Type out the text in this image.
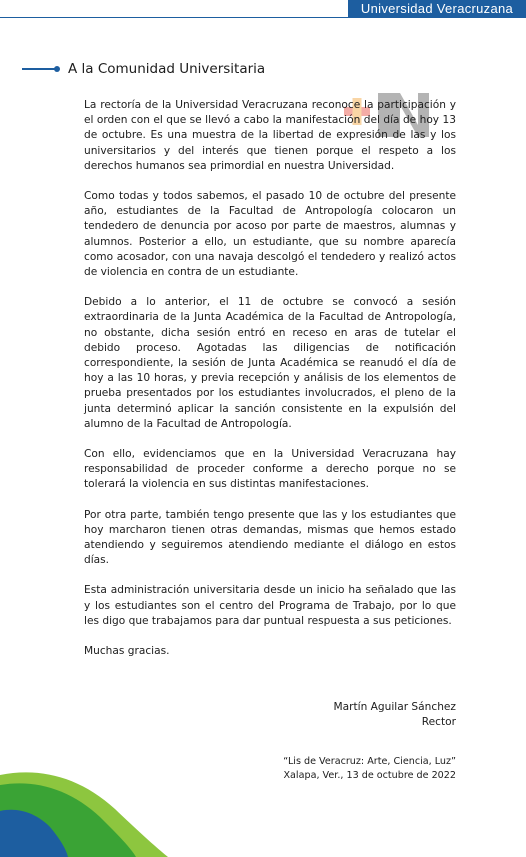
Universidad Veracruzana
A la Comunidad Universitaria

La rectoría de la Universidad Veracruzana reconoce la participación y el orden con el que se llevó a cabo la manifestación del día de hoy 13 de octubre. Es una muestra de la libertad de expresión de las y los universitarios y del interés que tienen porque el respeto a los derechos humanos sea primordial en nuestra Universidad.

Como todas y todos sabemos, el pasado 10 de octubre del presente año, estudiantes de la Facultad de Antropología colocaron un tendedero de denuncia por acoso por parte de maestros, alumnas y alumnos. Posterior a ello, un estudiante, que su nombre aparecía como acosador, con una navaja descolgó el tendedero y realizó actos de violencia en contra de un estudiante.

Debido a lo anterior, el 11 de octubre se convocó a sesión extraordinaria de la Junta Académica de la Facultad de Antropología, no obstante, dicha sesión entró en receso en aras de tutelar el debido proceso. Agotadas las diligencias de notificación correspondiente, la sesión de Junta Académica se reanudó el día de hoy a las 10 horas, y previa recepción y análisis de los elementos de prueba presentados por los estudiantes involucrados, el pleno de la junta determinó aplicar la sanción consistente en la expulsión del alumno de la Facultad de Antropología.

Con ello, evidenciamos que en la Universidad Veracruzana hay responsabilidad de proceder conforme a derecho porque no se tolerará la violencia en sus distintas manifestaciones.

Por otra parte, también tengo presente que las y los estudiantes que hoy marcharon tienen otras demandas, mismas que hemos estado atendiendo y seguiremos atendiendo mediante el diálogo en estos días.

Esta administración universitaria desde un inicio ha señalado que las y los estudiantes son el centro del Programa de Trabajo, por lo que les digo que trabajamos para dar puntual respuesta a sus peticiones.

Muchas gracias.

Martín Aguilar Sánchez
Rector
“Lis de Veracruz: Arte, Ciencia, Luz”
Xalapa, Ver., 13 de octubre de 2022
